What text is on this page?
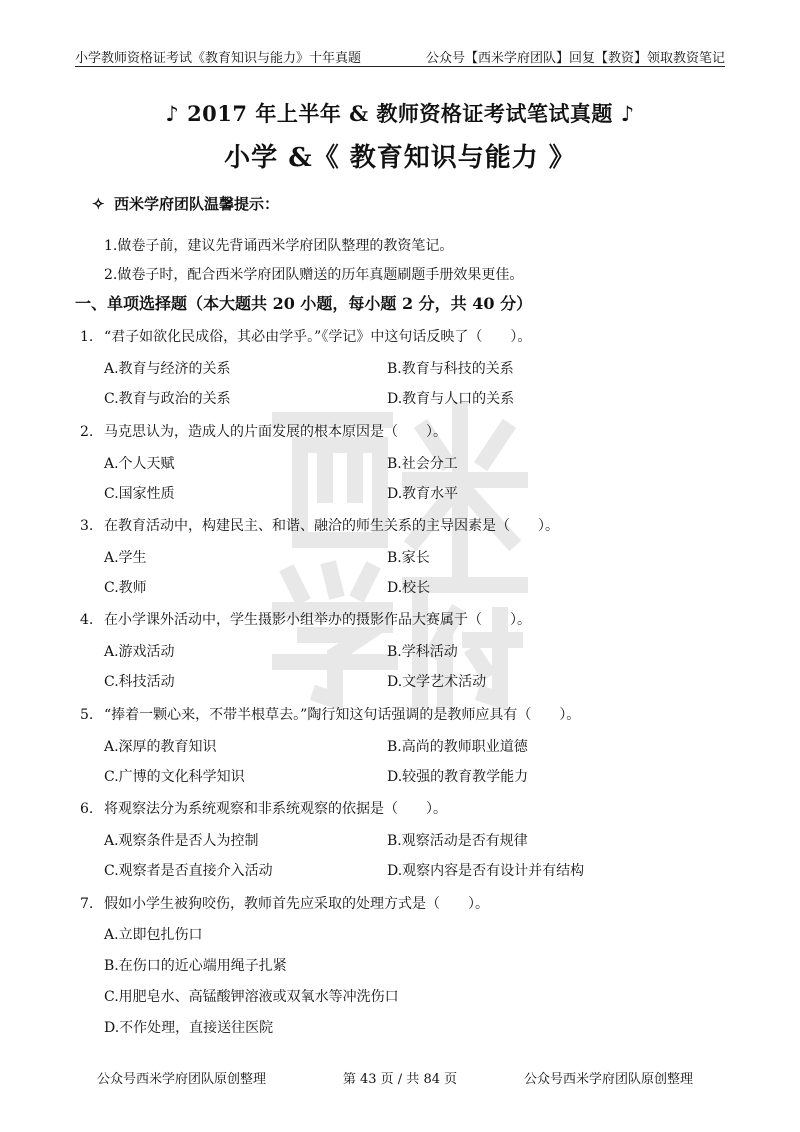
小学教师资格证考试《教育知识与能力》十年真题	公众号【西米学府团队】回复【教资】领取教资笔记
♪ 2017 年上半年 & 教师资格证考试笔试真题 ♪
小学 &《 教育知识与能力 》
✧ 西米学府团队温馨提示：
1.做卷子前，建议先背诵西米学府团队整理的教资笔记。
2.做卷子时，配合西米学府团队赠送的历年真题刷题手册效果更佳。
一、单项选择题（本大题共 20 小题，每小题 2 分，共 40 分）
1. “君子如欲化民成俗，其必由学乎。”《学记》中这句话反映了（　　）。
A.教育与经济的关系	B.教育与科技的关系
C.教育与政治的关系	D.教育与人口的关系
2. 马克思认为，造成人的片面发展的根本原因是（　　）。
A.个人天赋	B.社会分工
C.国家性质	D.教育水平
3. 在教育活动中，构建民主、和谐、融洽的师生关系的主导因素是（　　）。
A.学生	B.家长
C.教师	D.校长
4. 在小学课外活动中，学生摄影小组举办的摄影作品大赛属于（　　）。
A.游戏活动	B.学科活动
C.科技活动	D.文学艺术活动
5. “捧着一颗心来，不带半根草去。”陶行知这句话强调的是教师应具有（　　）。
A.深厚的教育知识	B.高尚的教师职业道德
C.广博的文化科学知识	D.较强的教育教学能力
6. 将观察法分为系统观察和非系统观察的依据是（　　）。
A.观察条件是否人为控制	B.观察活动是否有规律
C.观察者是否直接介入活动	D.观察内容是否有设计并有结构
7. 假如小学生被狗咬伤，教师首先应采取的处理方式是（　　）。
A.立即包扎伤口
B.在伤口的近心端用绳子扎紧
C.用肥皂水、高锰酸钾溶液或双氧水等冲洗伤口
D.不作处理，直接送往医院
公众号西米学府团队原创整理	第 43 页 / 共 84 页	公众号西米学府团队原创整理
